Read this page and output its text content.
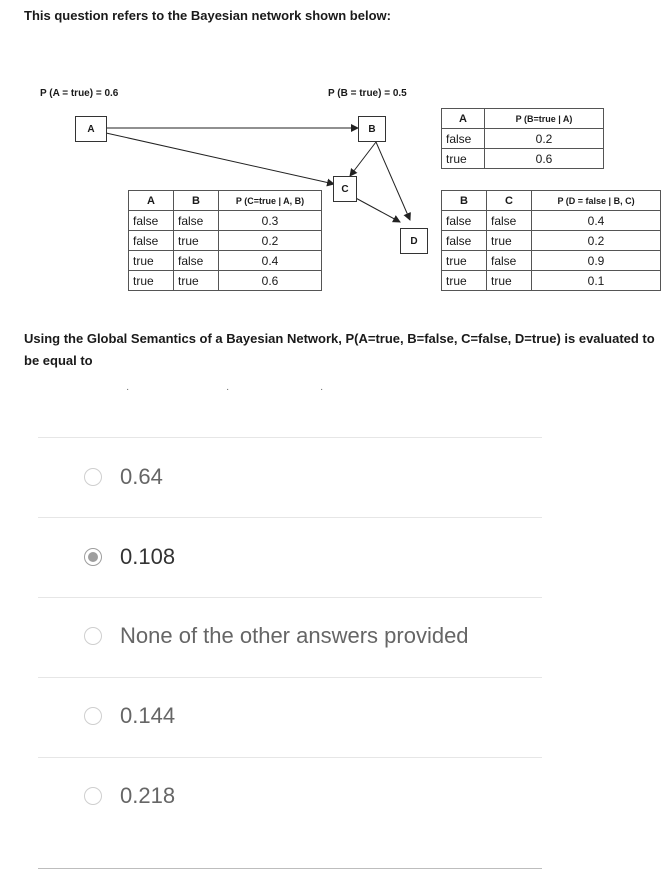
This question refers to the Bayesian network shown below:
P (A = true) = 0.6	P (B = true) = 0.5
A	B
C
D
A	P (B=true | A)
false	0.2
true	0.6
A	B	P (C=true | A, B)
false	false	0.3
false	true	0.2
true	false	0.4
true	true	0.6
B	C	P (D = false | B, C)
false	false	0.4
false	true	0.2
true	false	0.9
true	true	0.1
Using the Global Semantics of a Bayesian Network, P(A=true, B=false, C=false, D=true) is evaluated to be equal to
·	·	·
0.64
0.108
None of the other answers provided
0.144
0.218
